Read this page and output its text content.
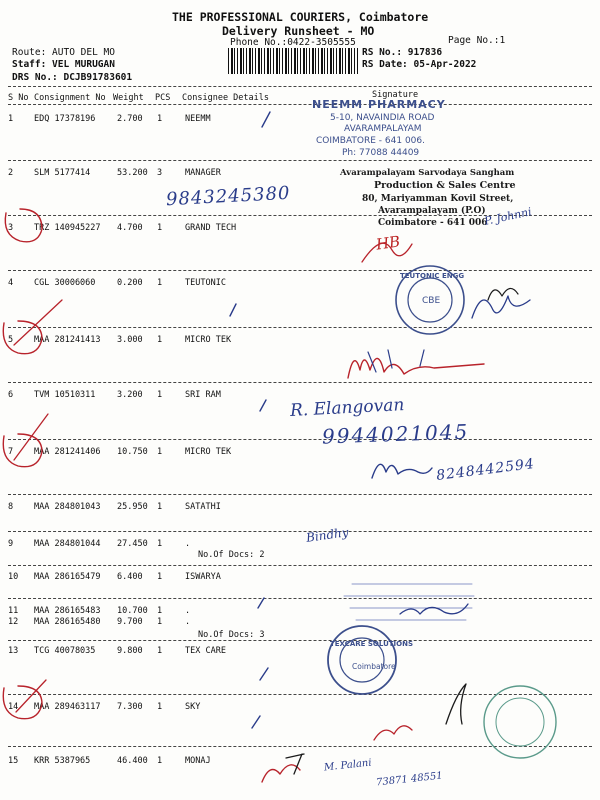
THE PROFESSIONAL COURIERS, Coimbatore
Delivery Runsheet - MO
Phone No.:0422-3505555	Page No.:1
Route: AUTO DEL MO
Staff: VEL MURUGAN
DRS No.: DCJB91783601
RS No.: 917836
RS Date: 05-Apr-2022
S No Consignment No Weight PCS Consignee Details	Signature
1 EDQ 17378196	2.700 1	NEEMM
2 SLM 5177414	53.200 3	MANAGER
3 TRZ 140945227 4.700 1	GRAND TECH
4 CGL 30006060	0.200 1	TEUTONIC
5 MAA 281241413 3.000 1	MICRO TEK
6 TVM 10510311	3.200 1	SRI RAM
7 MAA 281241406 10.750 1	MICRO TEK
8 MAA 284801043 25.950 1	SATATHI
9 MAA 284801044 27.450 1	.
10 MAA 286165479 6.400 1	ISWARYA
11 MAA 286165483 10.700 1	.
12 MAA 286165480 9.700 1	.
13 TCG 40078035	9.800 1	TEX CARE
14 MAA 289463117 7.300 1	SKY
15 KRR 5387965	46.400 1	MONAJ
No.Of Docs: 2
No.Of Docs: 3
NEEMM PHARMACY
5-10, NAVAINDIA ROAD
AVARAMPALAYAM
COIMBATORE - 641 006.
Ph: 77088 44409
Avarampalayam Sarvodaya Sangham
Production & Sales Centre
80, Mariyamman Kovil Street,
Avarampalayam (P.O)
Coimbatore - 641 006
TEUTONIC ENGG
CBE
TEXCARE SOLUTIONS
Coimbatore
9843245380
P. Johnni
HB
R. Elangovan
9944021045
8248442594
Bindhy
M. Palani
73871 48551
